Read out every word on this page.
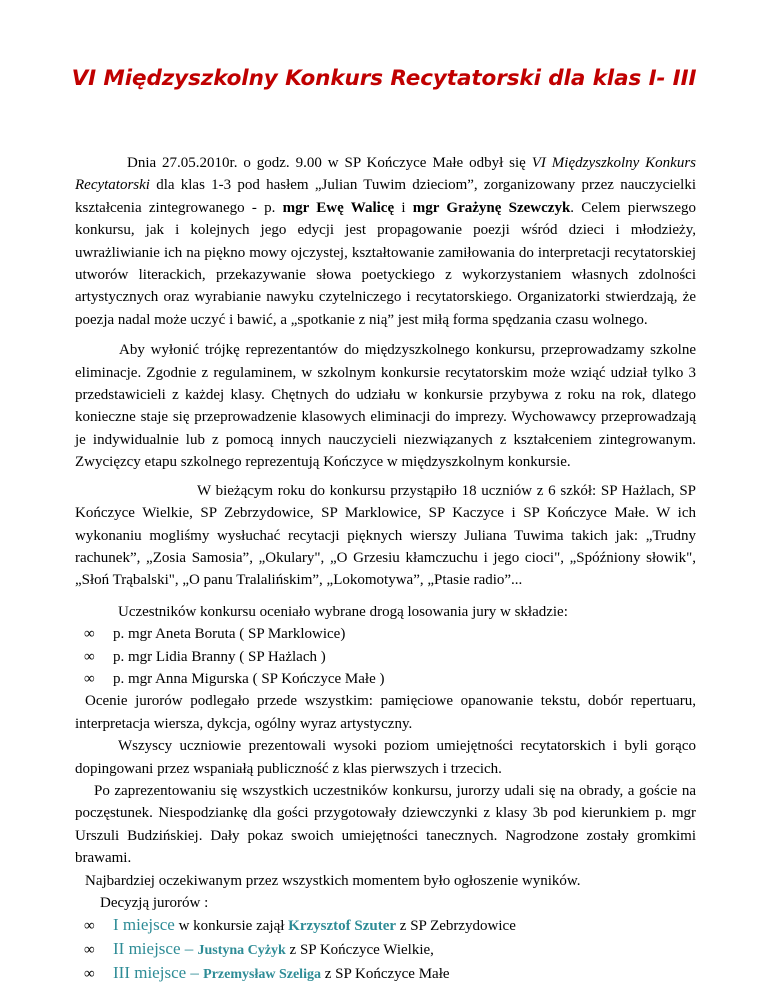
VI Międzyszkolny Konkurs Recytatorski dla klas I- III

Dnia 27.05.2010r. o godz. 9.00 w SP Kończyce Małe odbył się VI Międzyszkolny Konkurs Recytatorski dla klas 1-3 pod hasłem „Julian Tuwim dzieciom”, zorganizowany przez nauczycielki kształcenia zintegrowanego - p. mgr Ewę Walicę i mgr Grażynę Szewczyk. Celem pierwszego konkursu, jak i kolejnych jego edycji jest propagowanie poezji wśród dzieci i młodzieży, uwrażliwianie ich na piękno mowy ojczystej, kształtowanie zamiłowania do interpretacji recytatorskiej utworów literackich, przekazywanie słowa poetyckiego z wykorzystaniem własnych zdolności artystycznych oraz wyrabianie nawyku czytelniczego i recytatorskiego. Organizatorki stwierdzają, że poezja nadal może uczyć i bawić, a „spotkanie z nią” jest miłą forma spędzania czasu wolnego.

Aby wyłonić trójkę reprezentantów do międzyszkolnego konkursu, przeprowadzamy szkolne eliminacje. Zgodnie z regulaminem, w szkolnym konkursie recytatorskim może wziąć udział tylko 3 przedstawicieli z każdej klasy. Chętnych do udziału w konkursie przybywa z roku na rok, dlatego konieczne staje się przeprowadzenie klasowych eliminacji do imprezy. Wychowawcy przeprowadzają je indywidualnie lub z pomocą innych nauczycieli niezwiązanych z kształceniem zintegrowanym. Zwycięzcy etapu szkolnego reprezentują Kończyce w międzyszkolnym konkursie.

W bieżącym roku do konkursu przystąpiło 18 uczniów z 6 szkół: SP Hażlach, SP Kończyce Wielkie, SP Zebrzydowice, SP Marklowice, SP Kaczyce i SP Kończyce Małe. W ich wykonaniu mogliśmy wysłuchać recytacji pięknych wierszy Juliana Tuwima takich jak: „Trudny rachunek”, „Zosia Samosia”, „Okulary", „O Grzesiu kłamczuchu i jego cioci", „Spóźniony słowik", „Słoń Trąbalski", „O panu Tralalińskim”, „Lokomotywa”, „Ptasie radio”...

Uczestników konkursu oceniało wybrane drogą losowania jury w składzie:

∞ p. mgr Aneta Boruta ( SP Marklowice)
∞ p. mgr Lidia Branny ( SP Hażlach )
∞ p. mgr Anna Migurska ( SP Kończyce Małe )

Ocenie jurorów podlegało przede wszystkim: pamięciowe opanowanie tekstu, dobór repertuaru, interpretacja wiersza, dykcja, ogólny wyraz artystyczny.

Wszyscy uczniowie prezentowali wysoki poziom umiejętności recytatorskich i byli gorąco dopingowani przez wspaniałą publiczność z klas pierwszych i trzecich.

Po zaprezentowaniu się wszystkich uczestników konkursu, jurorzy udali się na obrady, a goście na poczęstunek. Niespodziankę dla gości przygotowały dziewczynki z klasy 3b pod kierunkiem p. mgr Urszuli Budzińskiej. Dały pokaz swoich umiejętności tanecznych. Nagrodzone zostały gromkimi brawami.

Najbardziej oczekiwanym przez wszystkich momentem było ogłoszenie wyników.

Decyzją jurorów :

∞ I miejsce w konkursie zajął Krzysztof Szuter z SP Zebrzydowice
∞ II miejsce – Justyna Cyżyk z SP Kończyce Wielkie,
∞ III miejsce – Przemysław Szeliga z SP Kończyce Małe
